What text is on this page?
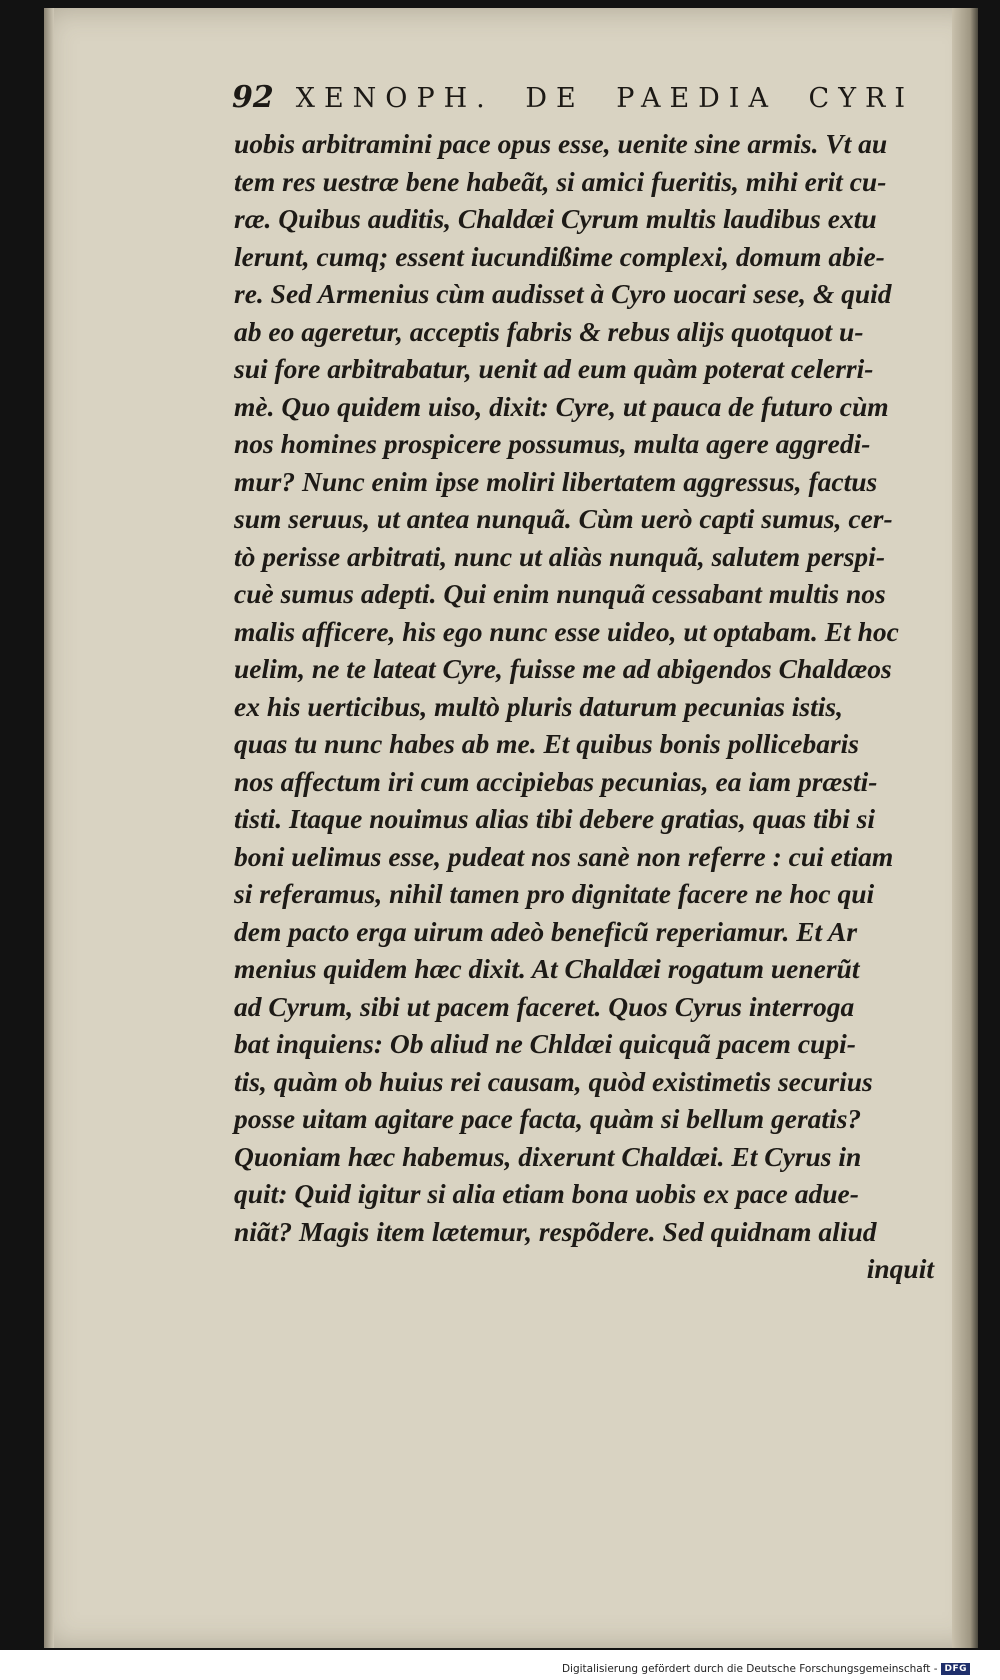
92 XENOPH. DE PAEDIA CYRI
uobis arbitramini pace opus esse, uenite sine armis. Vt au
tem res uestræ bene habeãt, si amici fueritis, mihi erit cu-
ræ. Quibus auditis, Chaldæi Cyrum multis laudibus extu
lerunt, cumq; essent iucundißime complexi, domum abie-
re. Sed Armenius cùm audisset à Cyro uocari sese, & quid
ab eo ageretur, acceptis fabris & rebus alijs quotquot u-
sui fore arbitrabatur, uenit ad eum quàm poterat celerri-
mè. Quo quidem uiso, dixit: Cyre, ut pauca de futuro cùm
nos homines prospicere possumus, multa agere aggredi-
mur? Nunc enim ipse moliri libertatem aggressus, factus
sum seruus, ut antea nunquã. Cùm uerò capti sumus, cer-
tò perisse arbitrati, nunc ut aliàs nunquã, salutem perspi-
cuè sumus adepti. Qui enim nunquã cessabant multis nos
malis afficere, his ego nunc esse uideo, ut optabam. Et hoc
uelim, ne te lateat Cyre, fuisse me ad abigendos Chaldæos
ex his uerticibus, multò pluris daturum pecunias istis,
quas tu nunc habes ab me. Et quibus bonis pollicebaris
nos affectum iri cum accipiebas pecunias, ea iam præsti-
tisti. Itaque nouimus alias tibi debere gratias, quas tibi si
boni uelimus esse, pudeat nos sanè non referre : cui etiam
si referamus, nihil tamen pro dignitate facere ne hoc qui
dem pacto erga uirum adeò beneficũ reperiamur. Et Ar
menius quidem hæc dixit. At Chaldæi rogatum uenerũt
ad Cyrum, sibi ut pacem faceret. Quos Cyrus interroga
bat inquiens: Ob aliud ne Chldæi quicquã pacem cupi-
tis, quàm ob huius rei causam, quòd existimetis securius
posse uitam agitare pace facta, quàm si bellum geratis?
Quoniam hæc habemus, dixerunt Chaldæi. Et Cyrus in
quit: Quid igitur si alia etiam bona uobis ex pace adue-
niãt? Magis item lætemur, respõdere. Sed quidnam aliud
inquit
Digitalisierung gefördert durch die Deutsche Forschungsgemeinschaft - DFG
